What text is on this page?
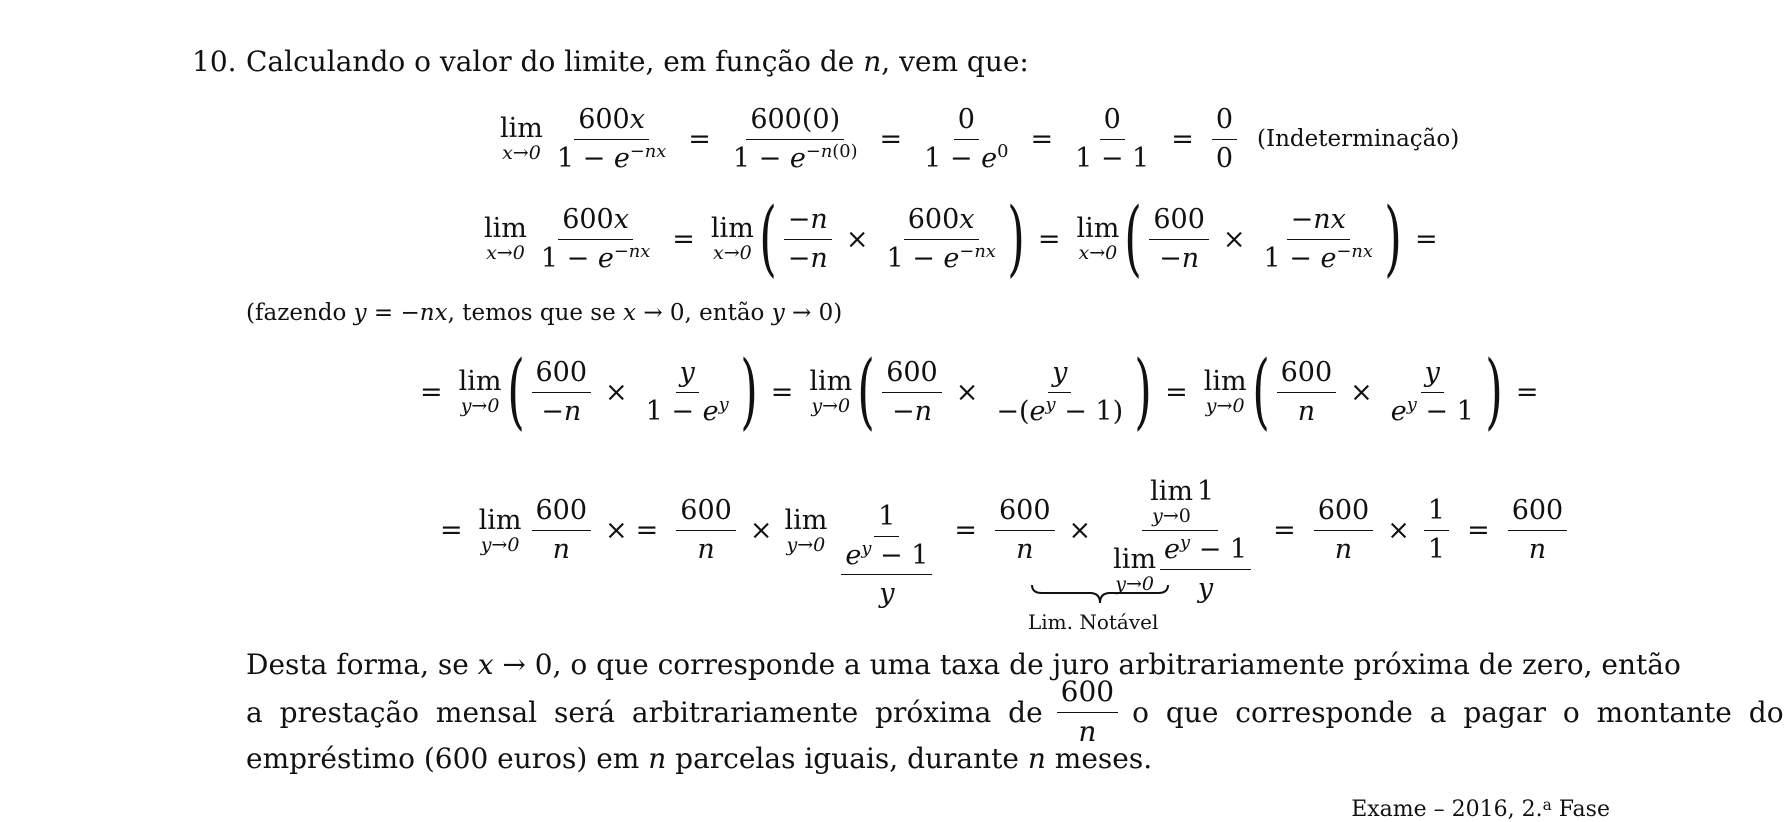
10. Calculando o valor do limite, em função de n, vem que:
lim
$x\to 0 \frac{600x}{1 - e^{-nx}} = \frac{600(0)}{1 - e^{-n(0)}} = \frac{0}{1 - e^0} = \frac{0}{1 - 1} = \frac{0}{0}$ (Indeterminação)
lim
$x\to 0 \frac{600x}{1 - e^{-nx}} = \lim$
x→0 ( $\frac{-n}{-n} \times \frac{600x}{1 - e^{-nx}}$ ) = lim
x→0 ( $\frac{600}{-n} \times \frac{-nx}{1 - e^{-nx}}$ ) =
(fazendo y = −nx, temos que se x → 0, então y → 0)
= lim
y→0 ( $\frac{600}{-n} \times \frac{y}{1 - e^y}$ ) = lim
y→0 ( $\frac{600}{-n} \times \frac{y}{-(e^y - 1)}$ ) = lim
y→0 ( $\frac{600}{n} \times \frac{y}{e^y - 1}$ ) =
= lim
$y\to 0 \frac{600}{n}$ × = $\frac{600}{n} \times \lim$
$y\to 0 \frac{1}{\frac{e^y - 1}{y}} = \frac{600}{n} \times \lim$
y→0
1
lim
$y\to 0 \frac{e^y - 1}{y} = \frac{600}{n} \times \frac{1}{1} = \frac{600}{n}$
Lim. Notável
Desta forma, se x → 0, o que corresponde a uma taxa de juro arbitrariamente próxima de zero, então
a prestação mensal será arbitrariamente próxima de $\frac{600}{n}$ o que corresponde a pagar o montante do
empréstimo (600 euros) em n parcelas iguais, durante n meses.
Exame – 2016, 2.$^a$ Fase
